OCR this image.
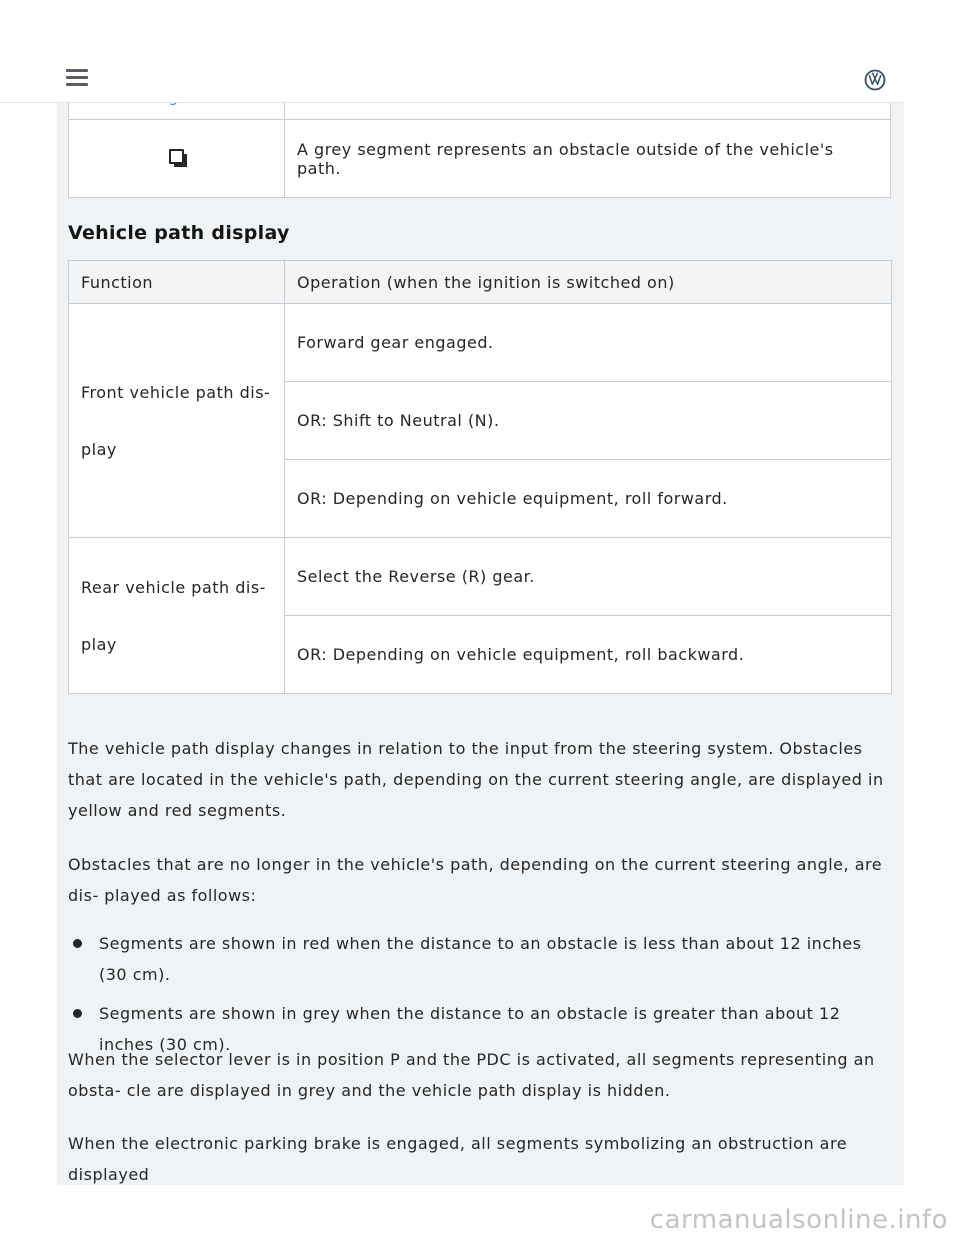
	A grey segment represents an obstacle outside of the vehicle's path.
Vehicle path display
Function	Operation (when the ignition is switched on)
Front vehicle path dis- play	Forward gear engaged.
	OR: Shift to Neutral (N).
	OR: Depending on vehicle equipment, roll forward.
Rear vehicle path dis- play	Select the Reverse (R) gear.
	OR: Depending on vehicle equipment, roll backward.

The vehicle path display changes in relation to the input from the steering system. Obstacles that are located in the vehicle's path, depending on the current steering angle, are displayed in yellow and red segments.

Obstacles that are no longer in the vehicle's path, depending on the current steering angle, are dis- played as follows:

Segments are shown in red when the distance to an obstacle is less than about 12 inches (30 cm).
Segments are shown in grey when the distance to an obstacle is greater than about 12 inches (30 cm).

When the selector lever is in position P and the PDC is activated, all segments representing an obsta- cle are displayed in grey and the vehicle path display is hidden.

When the electronic parking brake is engaged, all segments symbolizing an obstruction are displayed

carmanualsonline.info
